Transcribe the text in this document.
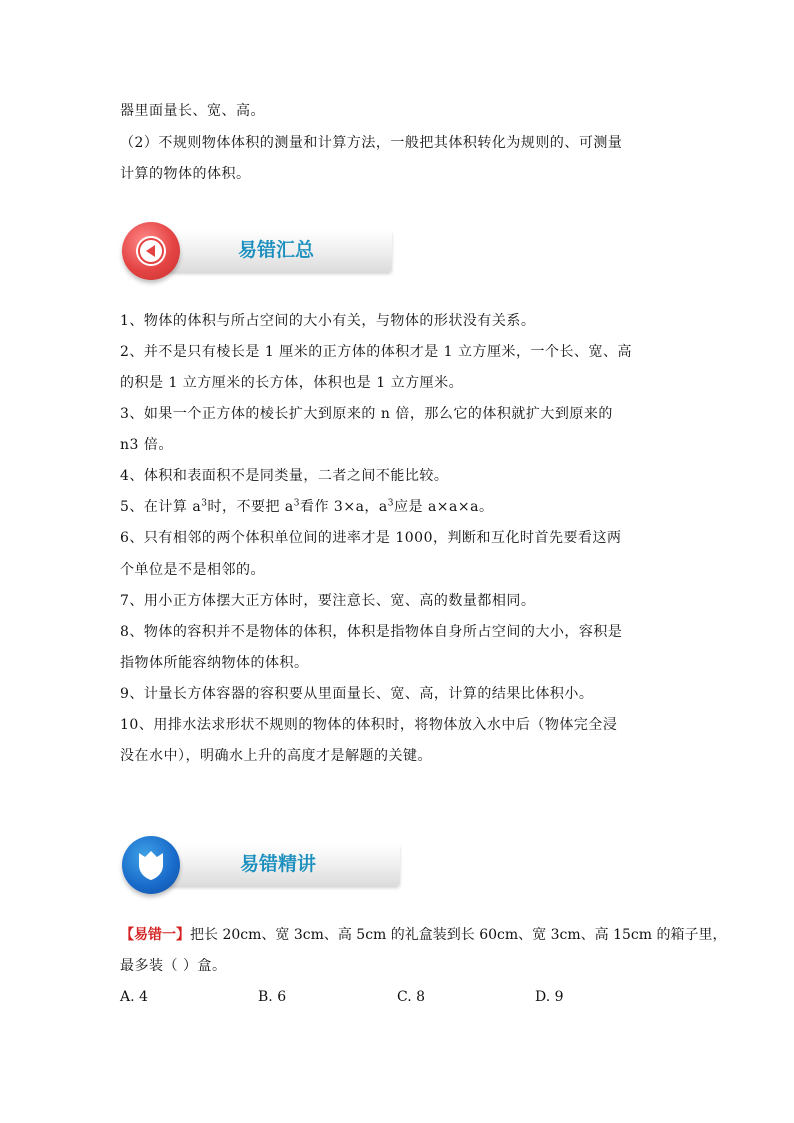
器里面量长、宽、高。
（2）不规则物体体积的测量和计算方法，一般把其体积转化为规则的、可测量
计算的物体的体积。
易错汇总
1、物体的体积与所占空间的大小有关，与物体的形状没有关系。
2、并不是只有棱长是 1 厘米的正方体的体积才是 1 立方厘米，一个长、宽、高
的积是 1 立方厘米的长方体，体积也是 1 立方厘米。
3、如果一个正方体的棱长扩大到原来的 n 倍，那么它的体积就扩大到原来的
n3 倍。
4、体积和表面积不是同类量，二者之间不能比较。
5、在计算 $a^3$时，不要把 $a^3$看作 3×a，$a^3$应是 a×a×a。
6、只有相邻的两个体积单位间的进率才是 1000，判断和互化时首先要看这两
个单位是不是相邻的。
7、用小正方体摆大正方体时，要注意长、宽、高的数量都相同。
8、物体的容积并不是物体的体积，体积是指物体自身所占空间的大小，容积是
指物体所能容纳物体的体积。
9、计量长方体容器的容积要从里面量长、宽、高，计算的结果比体积小。
10、用排水法求形状不规则的物体的体积时，将物体放入水中后（物体完全浸
没在水中），明确水上升的高度才是解题的关键。
易错精讲
【易错一】把长 20cm、宽 3cm、高 5cm 的礼盒装到长 60cm、宽 3cm、高 15cm 的箱子里，
最多装（ ）盒。
A. 4	B. 6	C. 8	D. 9
